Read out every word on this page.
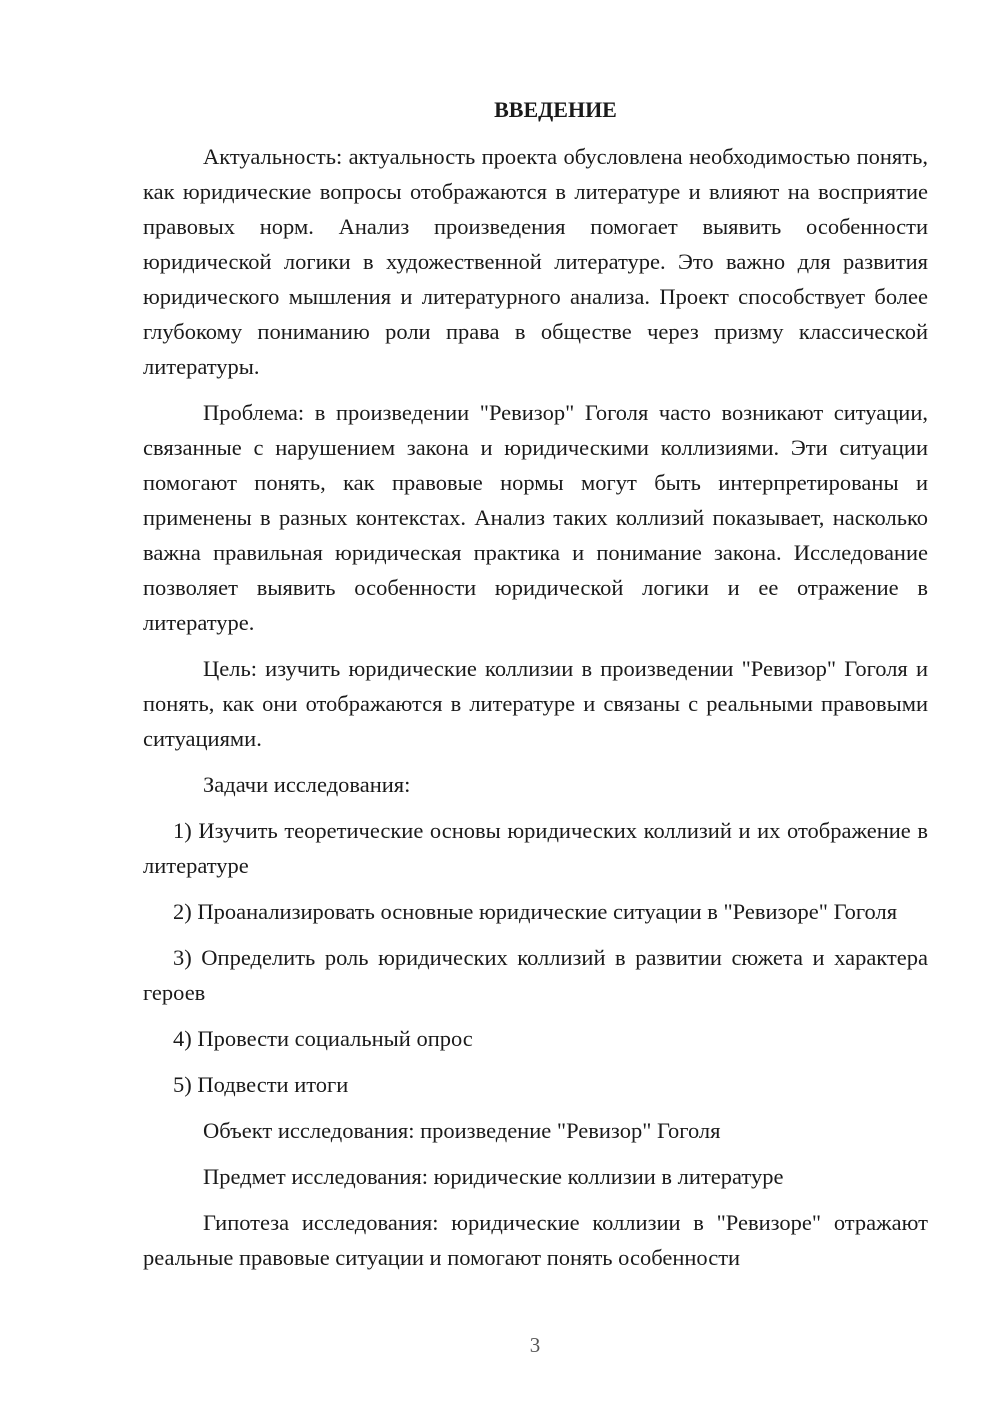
ВВЕДЕНИЕ

Актуальность: актуальность проекта обусловлена необходимостью понять, как юридические вопросы отображаются в литературе и влияют на восприятие правовых норм. Анализ произведения помогает выявить особенности юридической логики в художественной литературе. Это важно для развития юридического мышления и литературного анализа. Проект способствует более глубокому пониманию роли права в обществе через призму классической литературы.

Проблема: в произведении "Ревизор" Гоголя часто возникают ситуации, связанные с нарушением закона и юридическими коллизиями. Эти ситуации помогают понять, как правовые нормы могут быть интерпретированы и применены в разных контекстах. Анализ таких коллизий показывает, насколько важна правильная юридическая практика и понимание закона. Исследование позволяет выявить особенности юридической логики и ее отражение в литературе.

Цель: изучить юридические коллизии в произведении "Ревизор" Гоголя и понять, как они отображаются в литературе и связаны с реальными правовыми ситуациями.

Задачи исследования:

1) Изучить теоретические основы юридических коллизий и их отображение в литературе

2) Проанализировать основные юридические ситуации в "Ревизоре" Гоголя

3) Определить роль юридических коллизий в развитии сюжета и характера героев

4) Провести социальный опрос

5) Подвести итоги

Объект исследования: произведение "Ревизор" Гоголя

Предмет исследования: юридические коллизии в литературе

Гипотеза исследования: юридические коллизии в "Ревизоре" отражают реальные правовые ситуации и помогают понять особенности

3
